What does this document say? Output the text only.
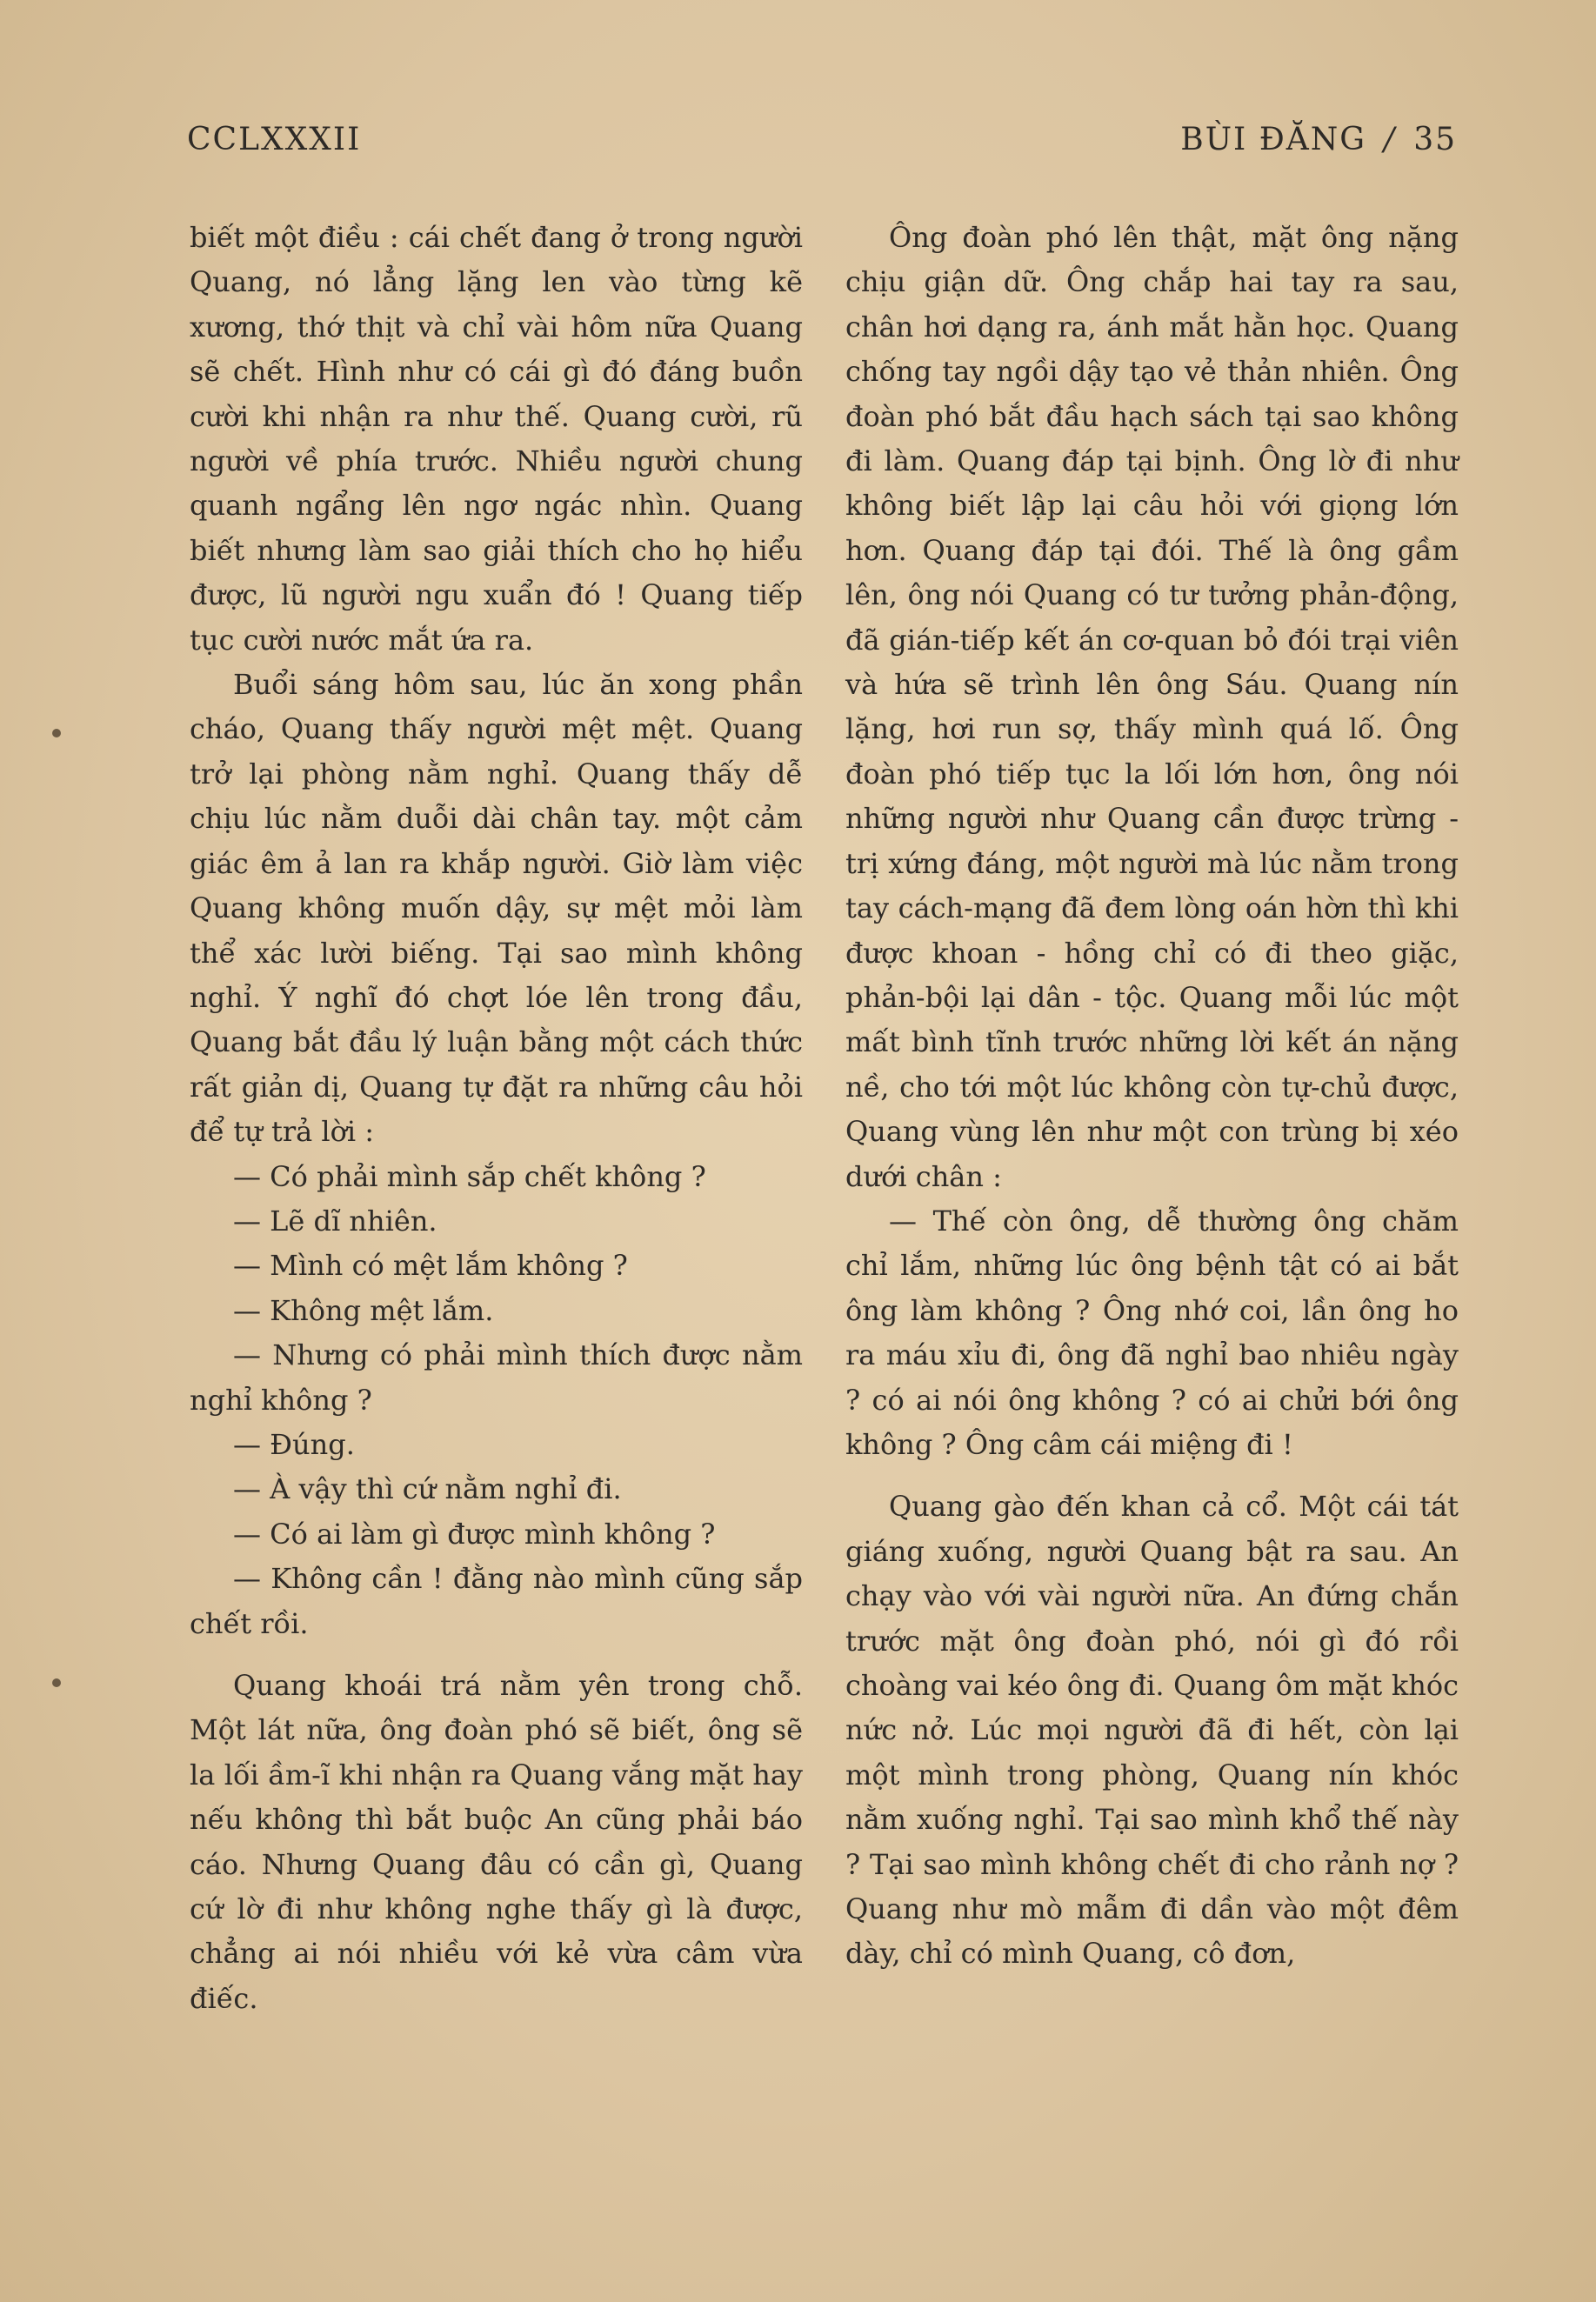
CCLXXXII	BÙI ĐĂNG / 35

biết một điều : cái chết đang ở trong người Quang, nó lẳng lặng len vào từng kẽ xương, thớ thịt và chỉ vài hôm nữa Quang sẽ chết. Hình như có cái gì đó đáng buồn cười khi nhận ra như thế. Quang cười, rũ người về phía trước. Nhiều người chung quanh ngẩng lên ngơ ngác nhìn. Quang biết nhưng làm sao giải thích cho họ hiểu được, lũ người ngu xuẩn đó ! Quang tiếp tục cười nước mắt ứa ra.

Buổi sáng hôm sau, lúc ăn xong phần cháo, Quang thấy người mệt mệt. Quang trở lại phòng nằm nghỉ. Quang thấy dễ chịu lúc nằm duỗi dài chân tay. một cảm giác êm ả lan ra khắp người. Giờ làm việc Quang không muốn dậy, sự mệt mỏi làm thể xác lười biếng. Tại sao mình không nghỉ. Ý nghĩ đó chợt lóe lên trong đầu, Quang bắt đầu lý luận bằng một cách thức rất giản dị, Quang tự đặt ra những câu hỏi để tự trả lời :

— Có phải mình sắp chết không ?

— Lẽ dĩ nhiên.

— Mình có mệt lắm không ?

— Không mệt lắm.

— Nhưng có phải mình thích được nằm nghỉ không ?

— Đúng.

— À vậy thì cứ nằm nghỉ đi.

— Có ai làm gì được mình không ?

— Không cần ! đằng nào mình cũng sắp chết rồi.

Quang khoái trá nằm yên trong chỗ. Một lát nữa, ông đoàn phó sẽ biết, ông sẽ la lối ầm-ĩ khi nhận ra Quang vắng mặt hay nếu không thì bắt buộc An cũng phải báo cáo. Nhưng Quang đâu có cần gì, Quang cứ lờ đi như không nghe thấy gì là được, chẳng ai nói nhiều với kẻ vừa câm vừa điếc.

Ông đoàn phó lên thật, mặt ông nặng chịu giận dữ. Ông chắp hai tay ra sau, chân hơi dạng ra, ánh mắt hằn học. Quang chống tay ngồi dậy tạo vẻ thản nhiên. Ông đoàn phó bắt đầu hạch sách tại sao không đi làm. Quang đáp tại bịnh. Ông lờ đi như không biết lập lại câu hỏi với giọng lớn hơn. Quang đáp tại đói. Thế là ông gầm lên, ông nói Quang có tư tưởng phản-động, đã gián-tiếp kết án cơ-quan bỏ đói trại viên và hứa sẽ trình lên ông Sáu. Quang nín lặng, hơi run sợ, thấy mình quá lố. Ông đoàn phó tiếp tục la lối lớn hơn, ông nói những người như Quang cần được trừng - trị xứng đáng, một người mà lúc nằm trong tay cách-mạng đã đem lòng oán hờn thì khi được khoan - hồng chỉ có đi theo giặc, phản-bội lại dân - tộc. Quang mỗi lúc một mất bình tĩnh trước những lời kết án nặng nề, cho tới một lúc không còn tự-chủ được, Quang vùng lên như một con trùng bị xéo dưới chân :

— Thế còn ông, dễ thường ông chăm chỉ lắm, những lúc ông bệnh tật có ai bắt ông làm không ? Ông nhớ coi, lần ông ho ra máu xỉu đi, ông đã nghỉ bao nhiêu ngày ? có ai nói ông không ? có ai chửi bới ông không ? Ông câm cái miệng đi !

Quang gào đến khan cả cổ. Một cái tát giáng xuống, người Quang bật ra sau. An chạy vào với vài người nữa. An đứng chắn trước mặt ông đoàn phó, nói gì đó rồi choàng vai kéo ông đi. Quang ôm mặt khóc nức nở. Lúc mọi người đã đi hết, còn lại một mình trong phòng, Quang nín khóc nằm xuống nghỉ. Tại sao mình khổ thế này ? Tại sao mình không chết đi cho rảnh nợ ? Quang như mò mẫm đi dần vào một đêm dày, chỉ có mình Quang, cô đơn,
